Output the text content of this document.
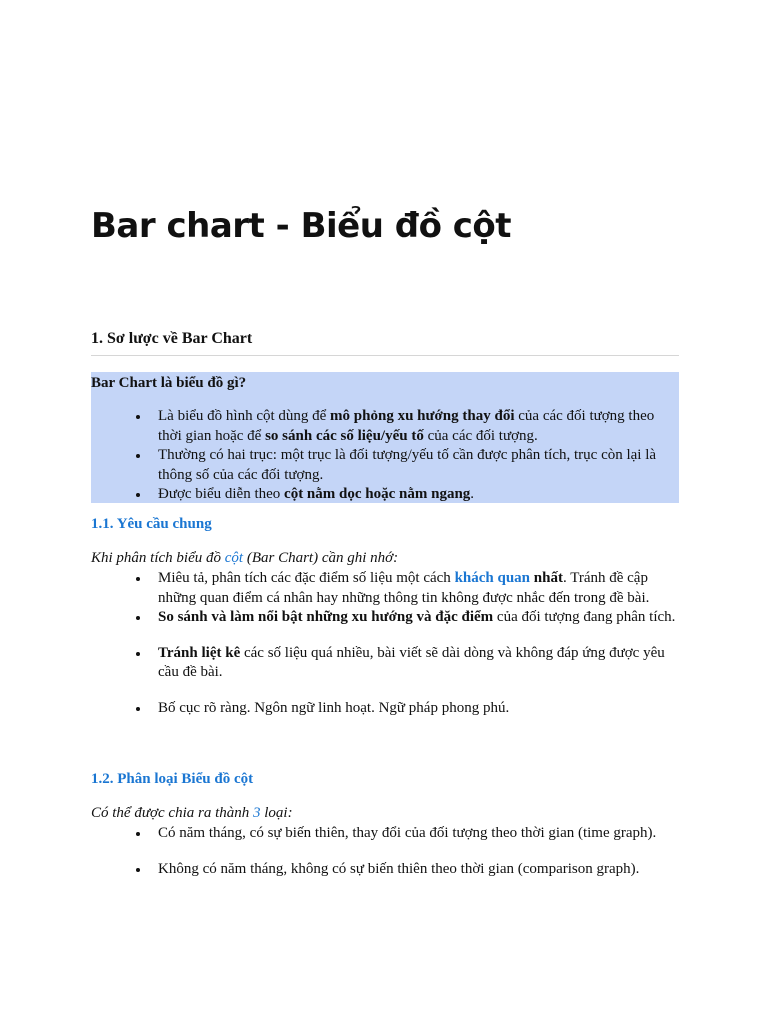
Bar chart - Biểu đồ cột
1. Sơ lược về Bar Chart
Bar Chart là biểu đồ gì?
Là biểu đồ hình cột dùng để mô phỏng xu hướng thay đổi của các đối tượng theo thời gian hoặc để so sánh các số liệu/yếu tố của các đối tượng.
Thường có hai trục: một trục là đối tượng/yếu tố cần được phân tích, trục còn lại là thông số của các đối tượng.
Được biểu diễn theo cột nằm dọc hoặc nằm ngang.
1.1. Yêu cầu chung

Khi phân tích biểu đồ cột (Bar Chart) cần ghi nhớ:

Miêu tả, phân tích các đặc điểm số liệu một cách khách quan nhất. Tránh đề cập những quan điểm cá nhân hay những thông tin không được nhắc đến trong đề bài.
So sánh và làm nổi bật những xu hướng và đặc điểm của đối tượng đang phân tích.
Tránh liệt kê các số liệu quá nhiều, bài viết sẽ dài dòng và không đáp ứng được yêu cầu đề bài.
Bố cục rõ ràng. Ngôn ngữ linh hoạt. Ngữ pháp phong phú.
1.2. Phân loại Biểu đồ cột

Có thể được chia ra thành 3 loại:

Có năm tháng, có sự biến thiên, thay đổi của đối tượng theo thời gian (time graph).
Không có năm tháng, không có sự biến thiên theo thời gian (comparison graph).
